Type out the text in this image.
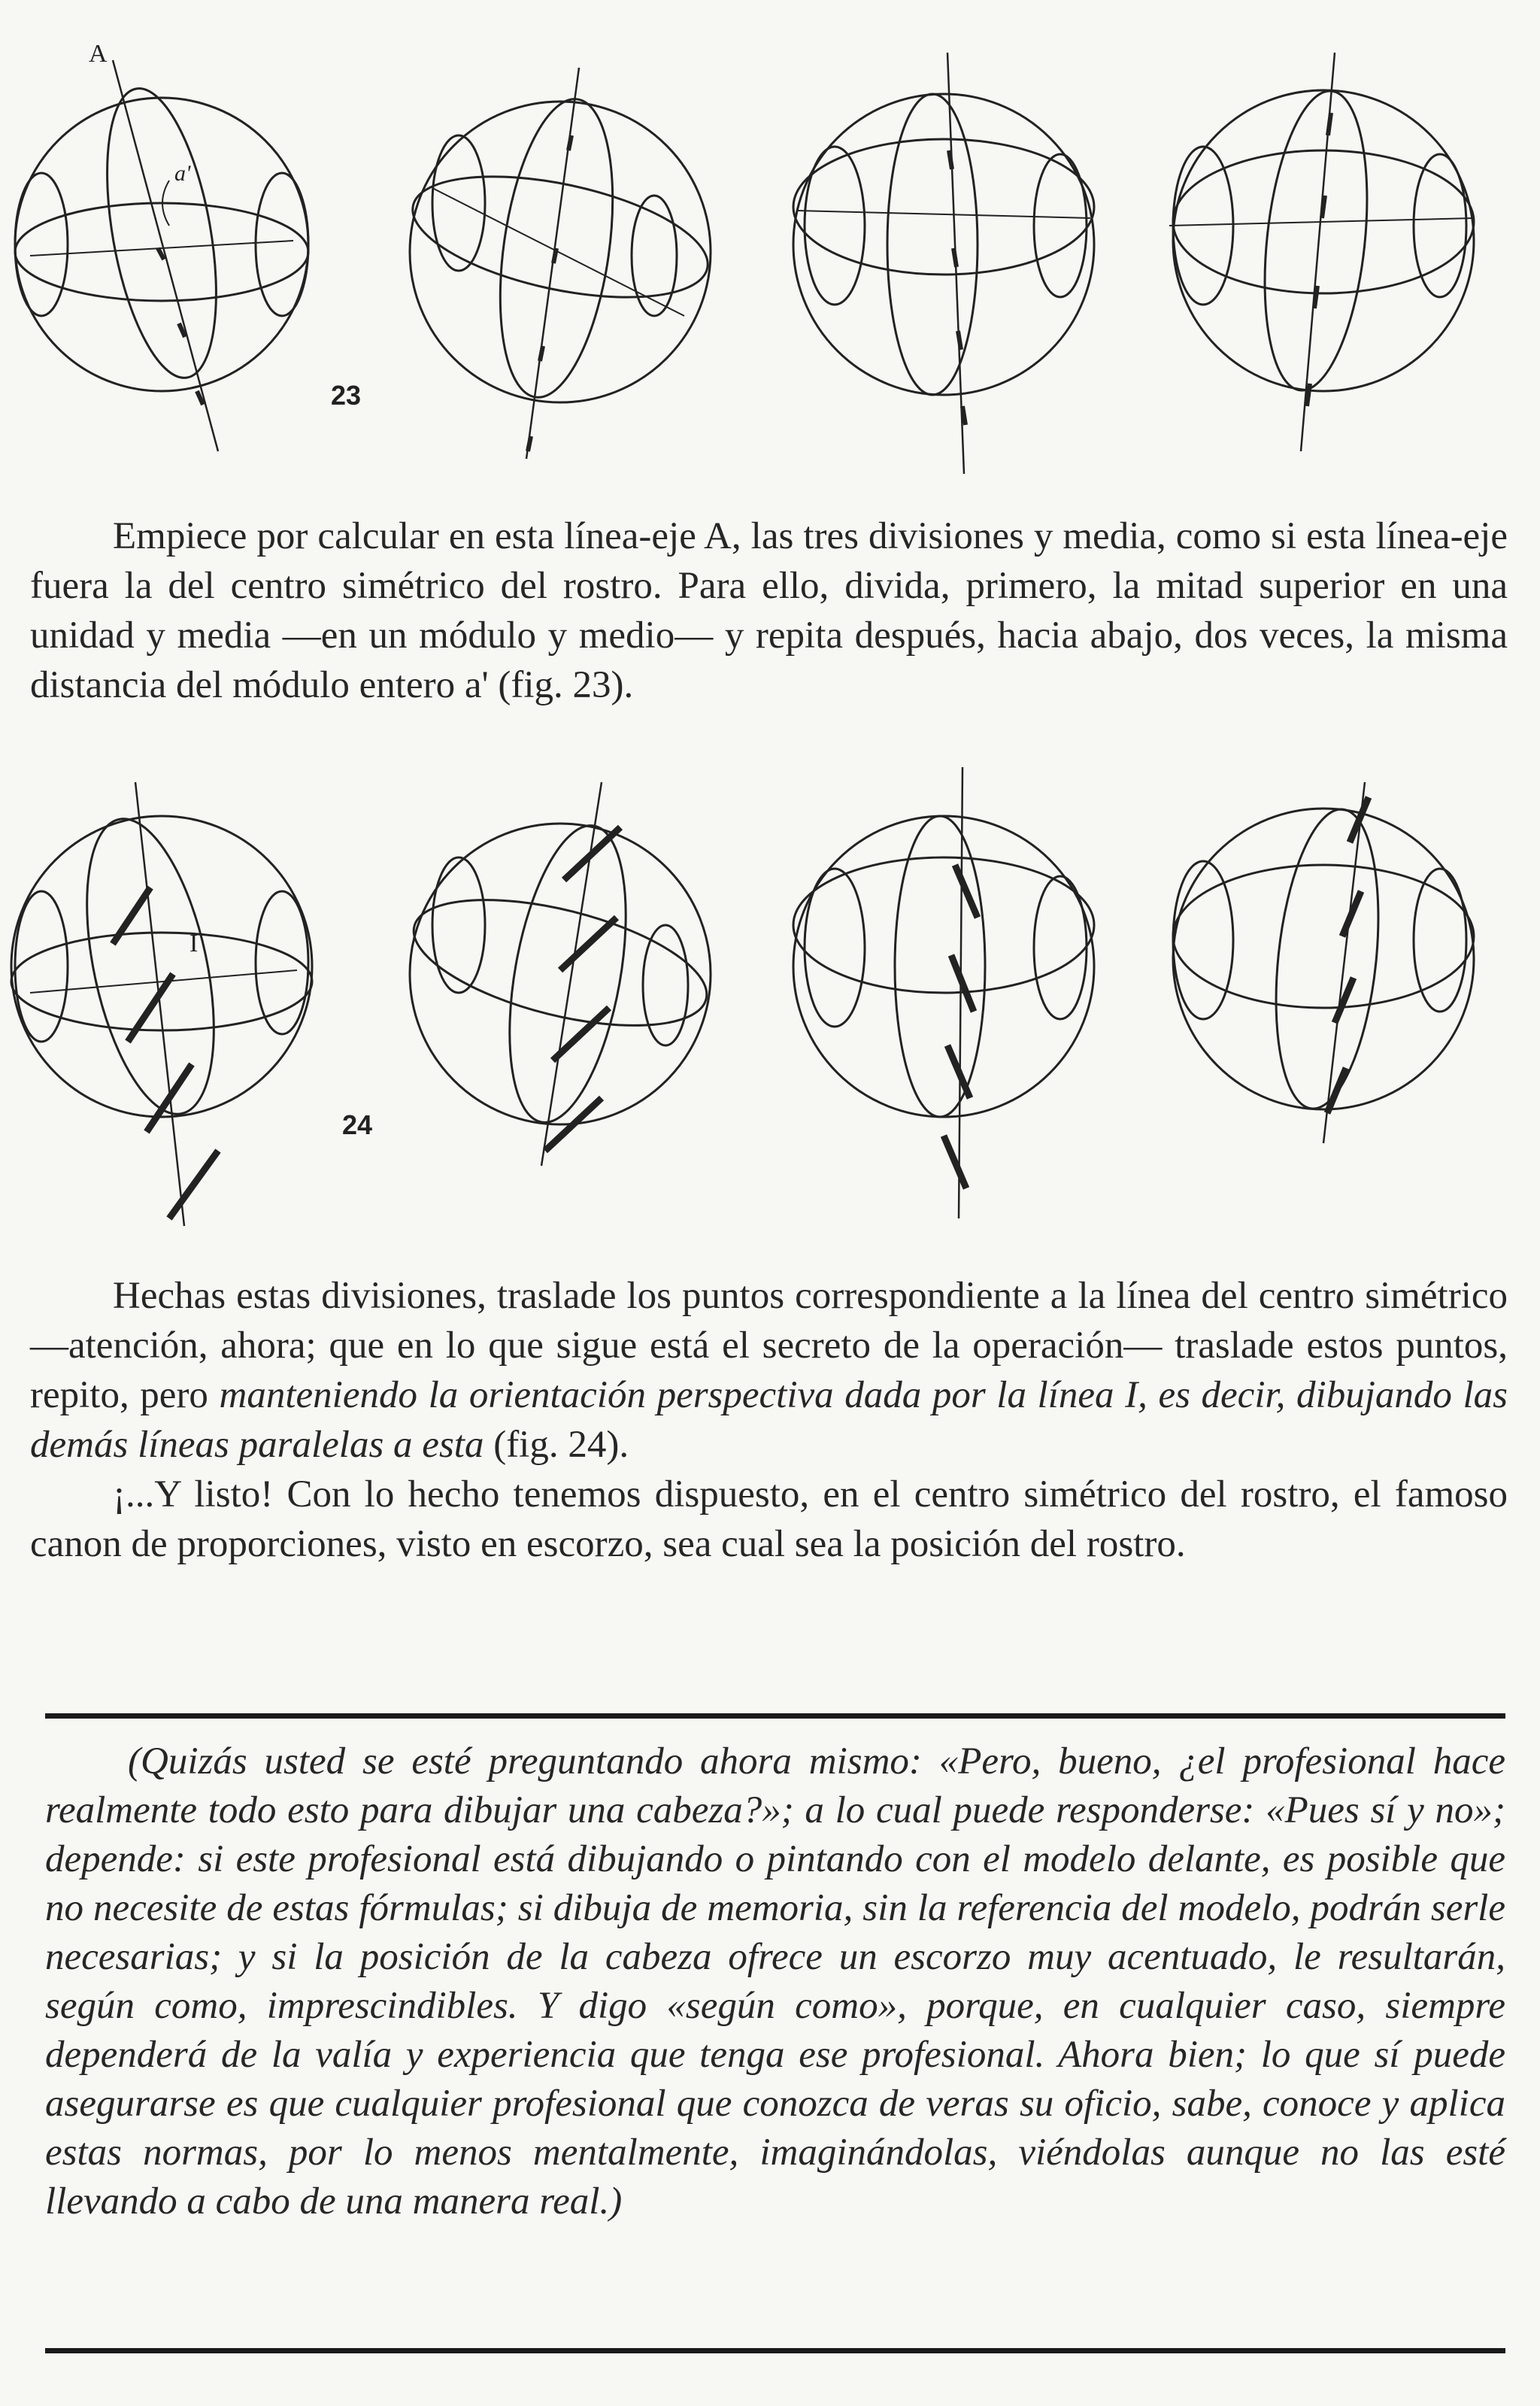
A
a'
23

Empiece por calcular en esta línea-eje A, las tres divisiones y media, como si esta línea-eje fuera la del centro simétrico del rostro. Para ello, divida, primero, la mitad superior en una unidad y media —en un módulo y medio— y repita después, hacia abajo, dos veces, la misma distancia del módulo entero a' (fig. 23).

I
24

Hechas estas divisiones, traslade los puntos correspondiente a la línea del centro simétrico —atención, ahora; que en lo que sigue está el secreto de la operación— traslade estos puntos, repito, pero manteniendo la orientación perspectiva dada por la línea I, es decir, dibujando las demás líneas paralelas a esta (fig. 24).

¡...Y listo! Con lo hecho tenemos dispuesto, en el centro simétrico del rostro, el famoso canon de proporciones, visto en escorzo, sea cual sea la posición del rostro.

(Quizás usted se esté preguntando ahora mismo: «Pero, bueno, ¿el profesional hace realmente todo esto para dibujar una cabeza?»; a lo cual puede responderse: «Pues sí y no»; depende: si este profesional está dibujando o pintando con el modelo delante, es posible que no necesite de estas fórmulas; si dibuja de memoria, sin la referencia del modelo, podrán serle necesarias; y si la posición de la cabeza ofrece un escorzo muy acentuado, le resultarán, según como, imprescindibles. Y digo «según como», porque, en cualquier caso, siempre dependerá de la valía y experiencia que tenga ese profesional. Ahora bien; lo que sí puede asegurarse es que cualquier profesional que conozca de veras su oficio, sabe, conoce y aplica estas normas, por lo menos mentalmente, imaginándolas, viéndolas aunque no las esté llevando a cabo de una manera real.)
